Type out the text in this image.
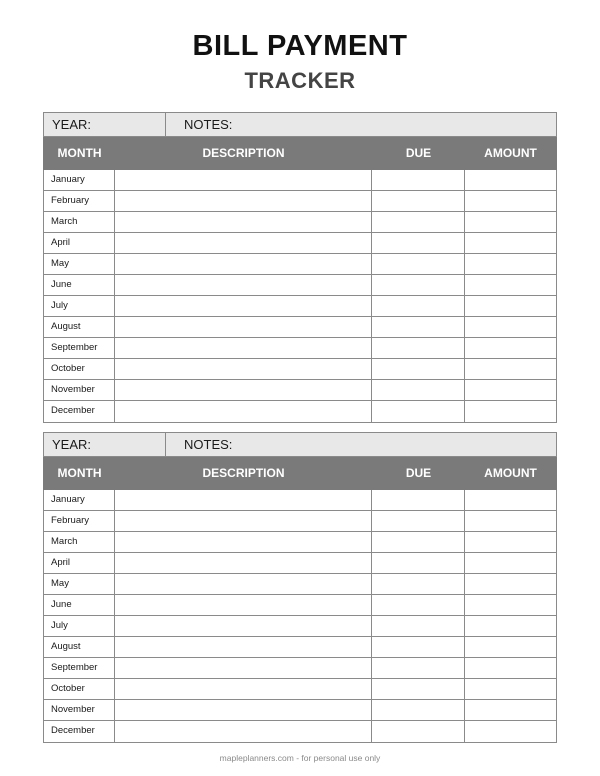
BILL PAYMENT
TRACKER
YEAR:	NOTES:
MONTH	DESCRIPTION	DUE	AMOUNT
January
February
March
April
May
June
July
August
September
October
November
December
YEAR:	NOTES:
MONTH	DESCRIPTION	DUE	AMOUNT
January
February
March
April
May
June
July
August
September
October
November
December
mapleplanners.com - for personal use only
